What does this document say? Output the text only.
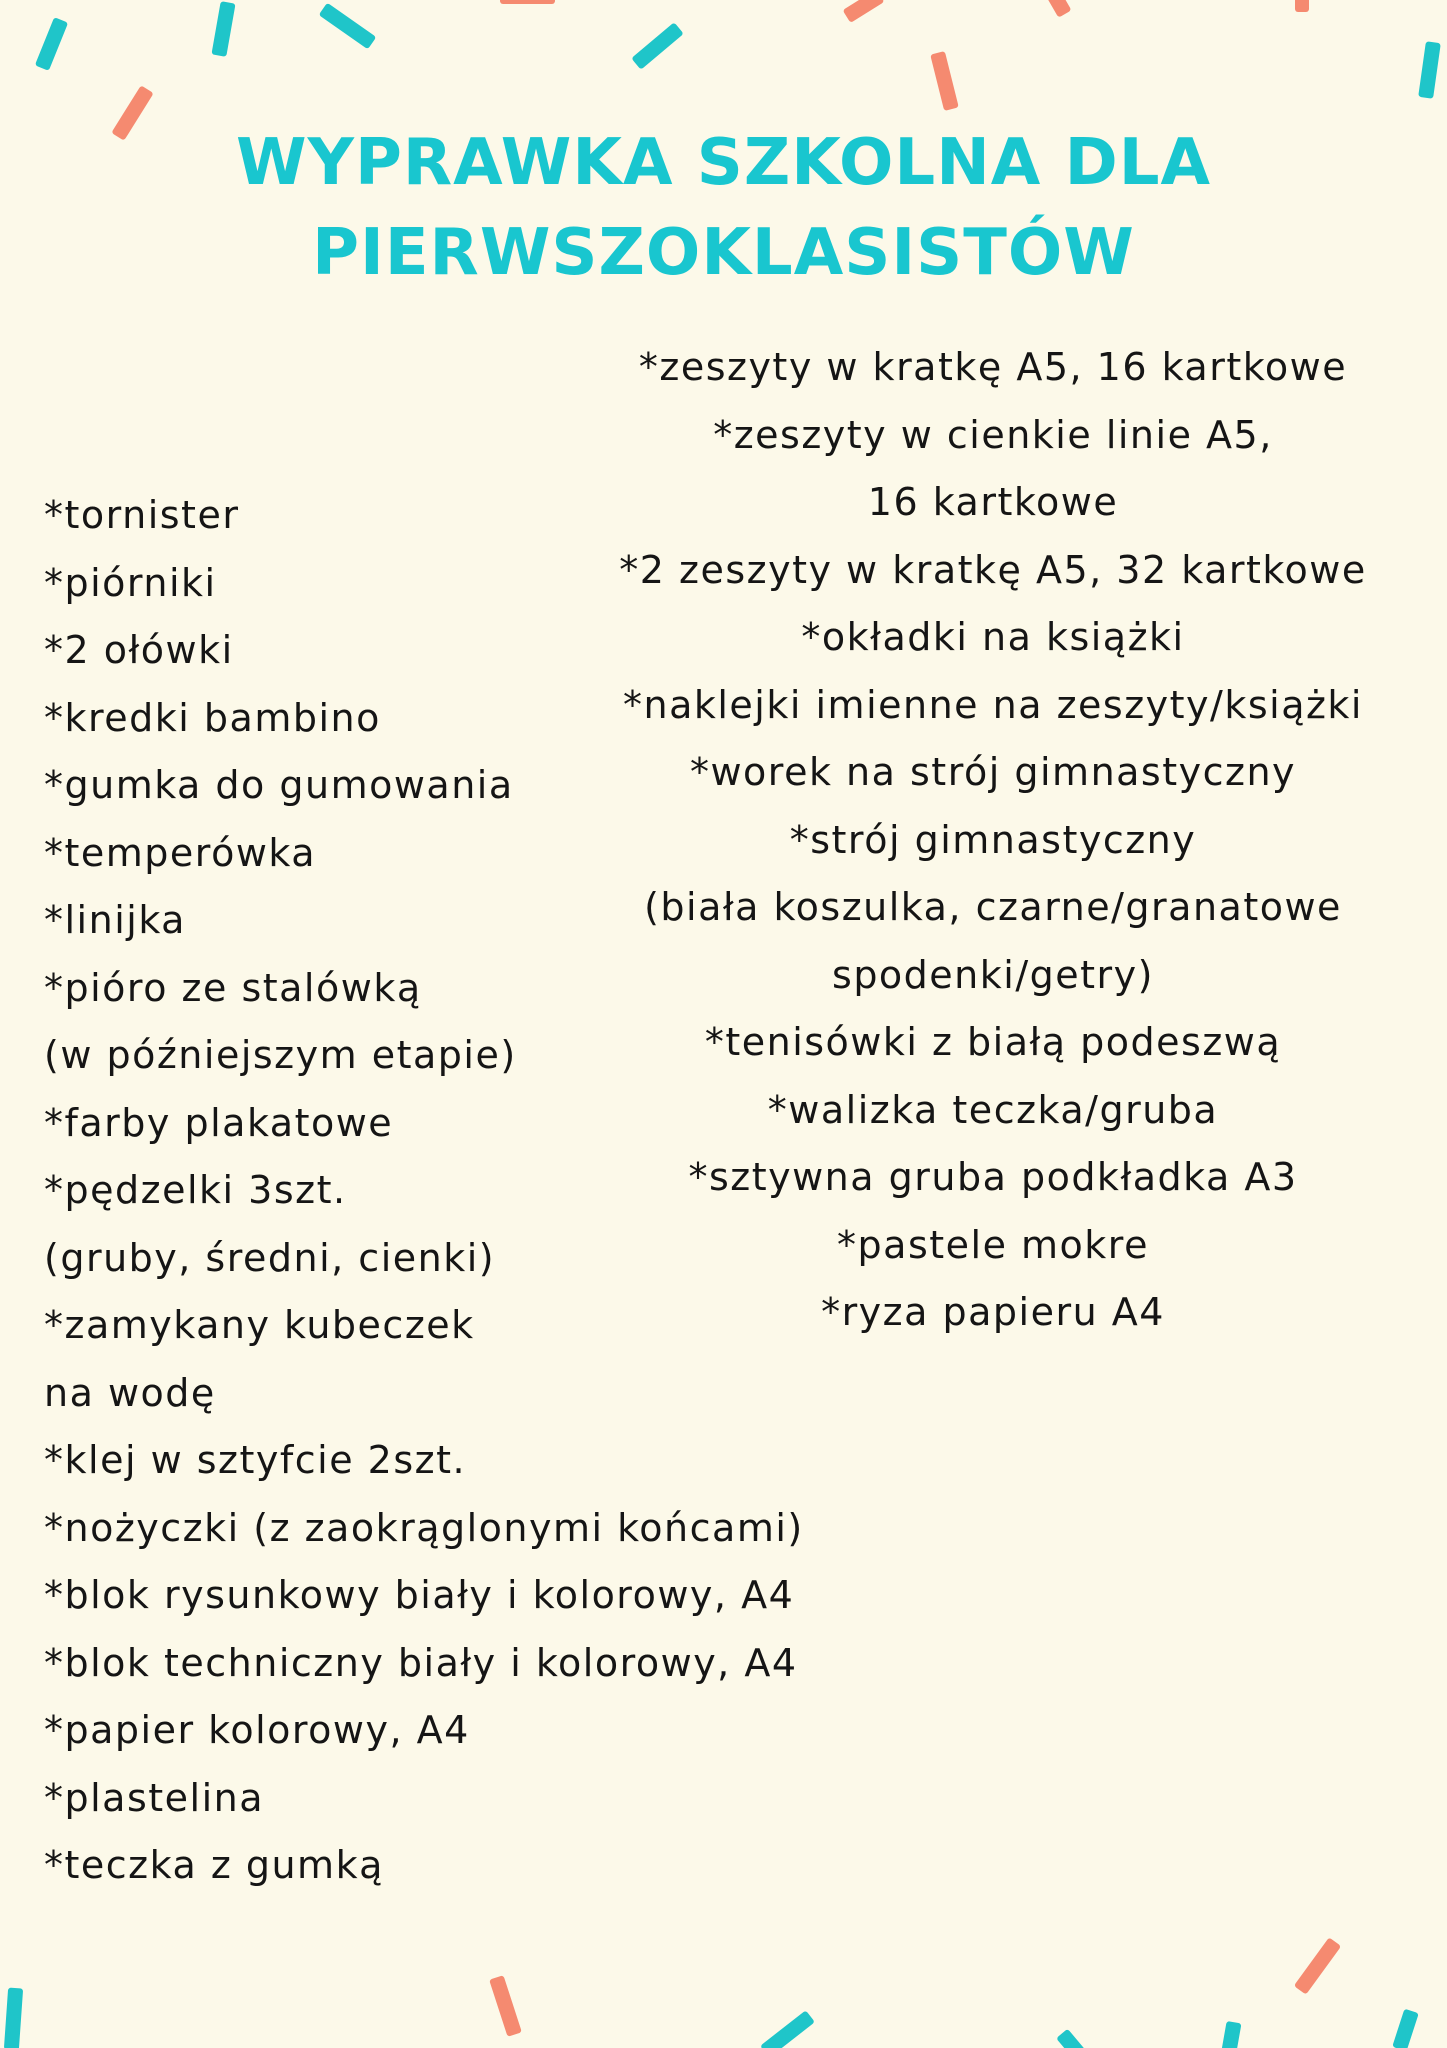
WYPRAWKA SZKOLNA DLA
PIERWSZOKLASISTÓW
*tornister
*piórniki
*2 ołówki
*kredki bambino
*gumka do gumowania
*temperówka
*linijka
*pióro ze stalówką
(w późniejszym etapie)
*farby plakatowe
*pędzelki 3szt.
(gruby, średni, cienki)
*zamykany kubeczek
na wodę
*klej w sztyfcie 2szt.
*nożyczki (z zaokrąglonymi końcami)
*blok rysunkowy biały i kolorowy, A4
*blok techniczny biały i kolorowy, A4
*papier kolorowy, A4
*plastelina
*teczka z gumką
*zeszyty w kratkę A5, 16 kartkowe
*zeszyty w cienkie linie A5,
16 kartkowe
*2 zeszyty w kratkę A5, 32 kartkowe
*okładki na książki
*naklejki imienne na zeszyty/książki
*worek na strój gimnastyczny
*strój gimnastyczny
(biała koszulka, czarne/granatowe
spodenki/getry)
*tenisówki z białą podeszwą
*walizka teczka/gruba
*sztywna gruba podkładka A3
*pastele mokre
*ryza papieru A4
